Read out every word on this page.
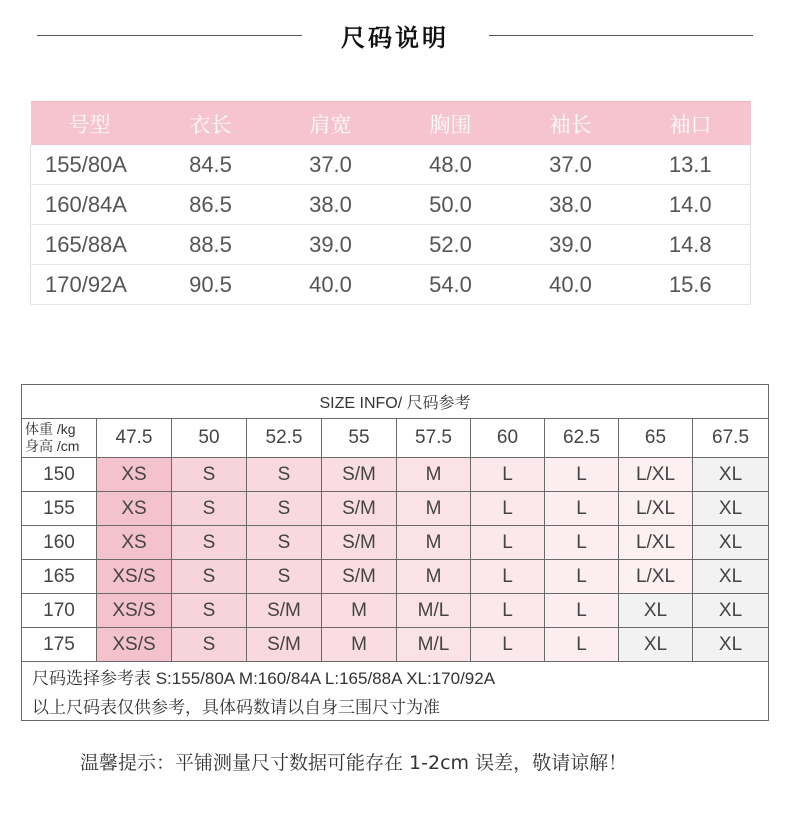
尺码说明
号型	衣长	肩宽	胸围	袖长	袖口
155/80A	84.5	37.0	48.0	37.0	13.1
160/84A	86.5	38.0	50.0	38.0	14.0
165/88A	88.5	39.0	52.0	39.0	14.8
170/92A	90.5	40.0	54.0	40.0	15.6
SIZE INFO/ 尺码参考									
体重 /kg
身高 /cm	47.5	50	52.5	55	57.5	60	62.5	65	67.5
150	XS	S	S	S/M	M	L	L	L/XL	XL
155	XS	S	S	S/M	M	L	L	L/XL	XL
160	XS	S	S	S/M	M	L	L	L/XL	XL
165	XS/S	S	S	S/M	M	L	L	L/XL	XL
170	XS/S	S	S/M	M	M/L	L	L	XL	XL
175	XS/S	S	S/M	M	M/L	L	L	XL	XL
尺码选择参考表 S:155/80A M:160/84A L:165/88A XL:170/92A									
以上尺码表仅供参考，具体码数请以自身三围尺寸为准									
温馨提示：平铺测量尺寸数据可能存在 1-2cm 误差，敬请谅解！
